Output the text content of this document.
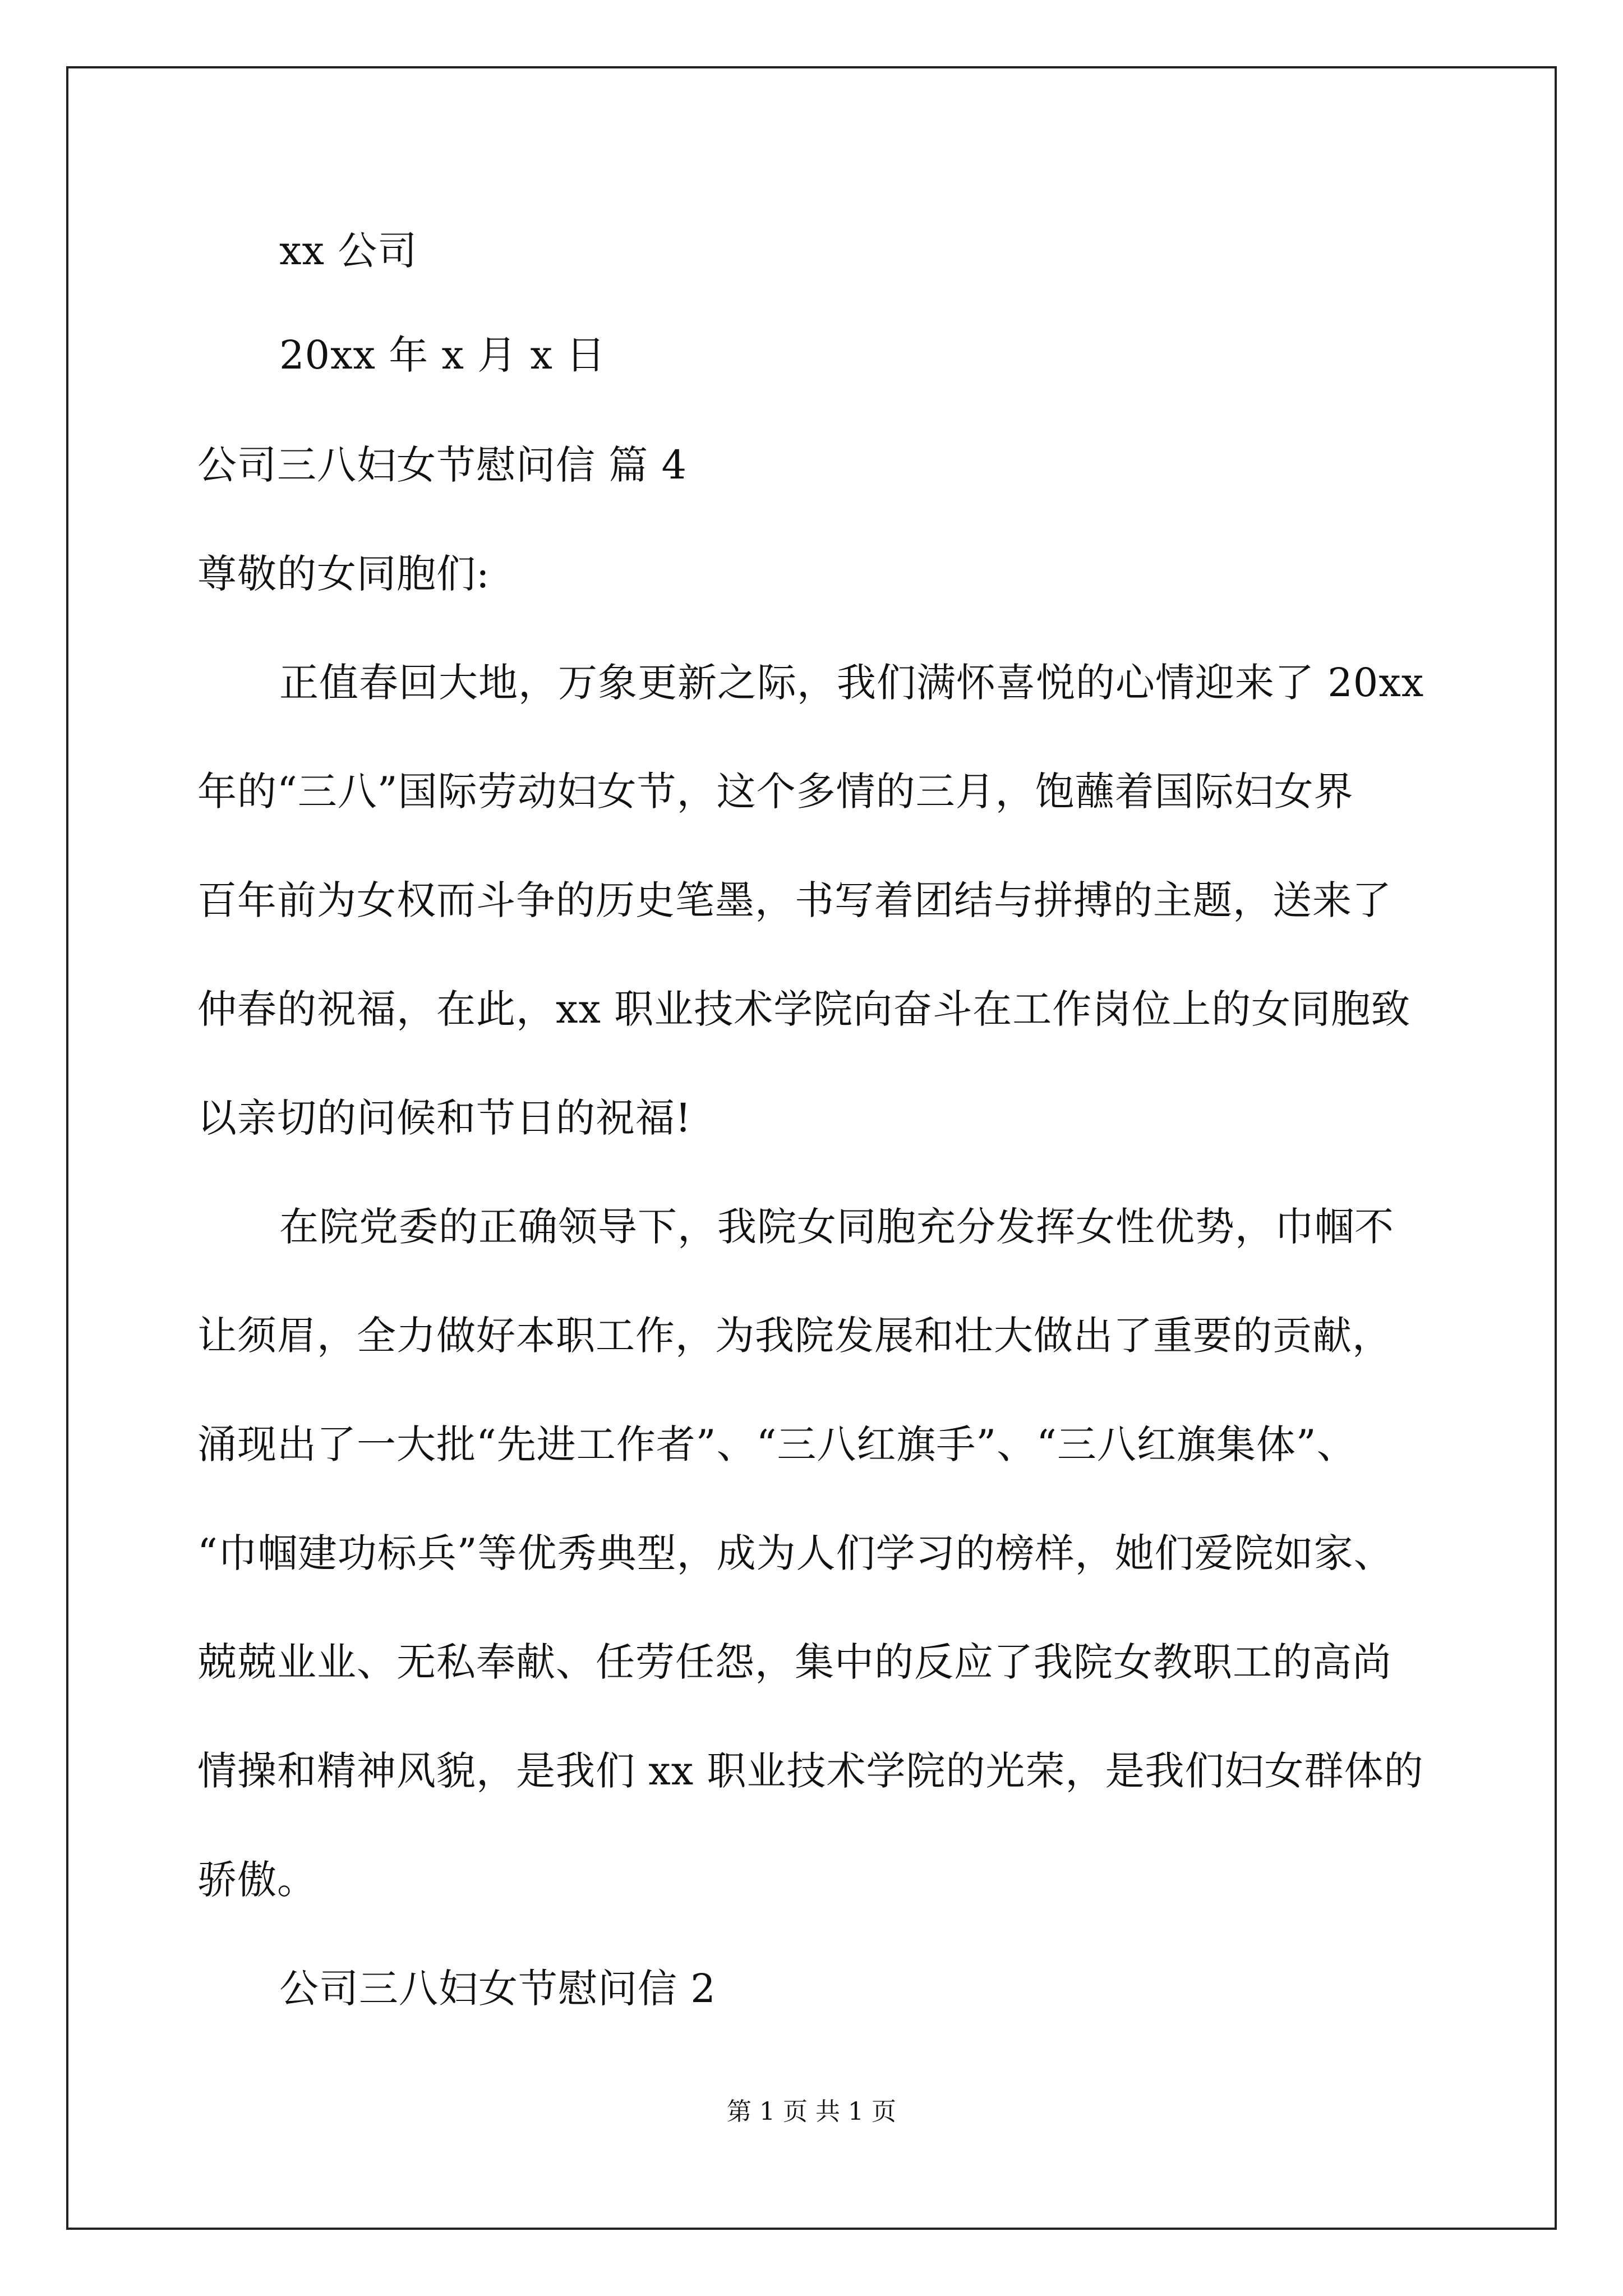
xx 公司
20xx 年 x 月 x 日
公司三八妇女节慰问信 篇 4
尊敬的女同胞们:
正值春回大地，万象更新之际，我们满怀喜悦的心情迎来了 20xx
年的“三八”国际劳动妇女节，这个多情的三月，饱蘸着国际妇女界
百年前为女权而斗争的历史笔墨，书写着团结与拼搏的主题，送来了
仲春的祝福，在此，xx 职业技术学院向奋斗在工作岗位上的女同胞致
以亲切的问候和节日的祝福!
在院党委的正确领导下，我院女同胞充分发挥女性优势，巾帼不
让须眉，全力做好本职工作，为我院发展和壮大做出了重要的贡献，
涌现出了一大批“先进工作者”、“三八红旗手”、“三八红旗集体”、
“巾帼建功标兵”等优秀典型，成为人们学习的榜样，她们爱院如家、
兢兢业业、无私奉献、任劳任怨，集中的反应了我院女教职工的高尚
情操和精神风貌，是我们 xx 职业技术学院的光荣，是我们妇女群体的
骄傲。
公司三八妇女节慰问信 2
第 1 页 共 1 页
